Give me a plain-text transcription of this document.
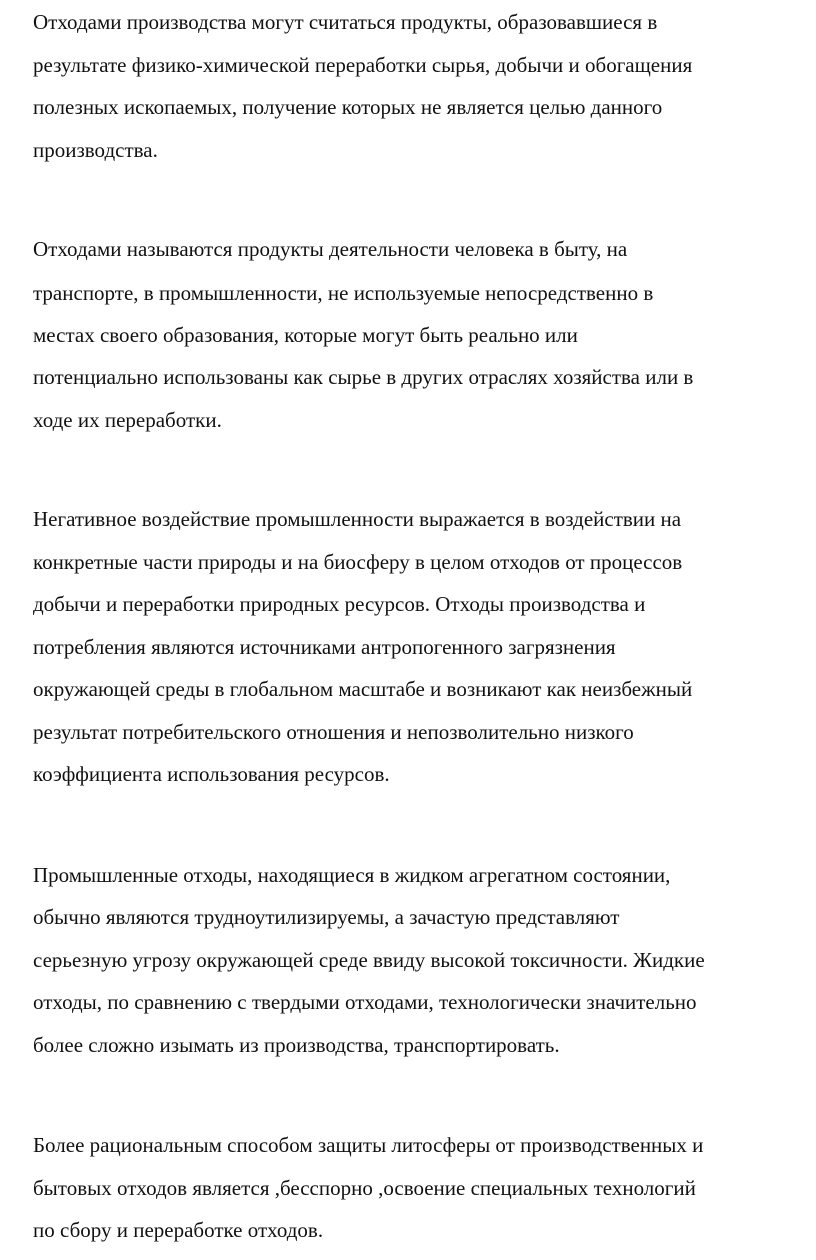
Отходами производства могут считаться продукты, образовавшиеся в
результате физико-химической переработки сырья, добычи и обогащения
полезных ископаемых, получение которых не является целью данного
производства.
Отходами называются продукты деятельности человека в быту, на
транспорте, в промышленности, не используемые непосредственно в
местах своего образования, которые могут быть реально или
потенциально использованы как сырье в других отраслях хозяйства или в
ходе их переработки.
Негативное воздействие промышленности выражается в воздействии на
конкретные части природы и на биосферу в целом отходов от процессов
добычи и переработки природных ресурсов. Отходы производства и
потребления являются источниками антропогенного загрязнения
окружающей среды в глобальном масштабе и возникают как неизбежный
результат потребительского отношения и непозволительно низкого
коэффициента использования ресурсов.
Промышленные отходы, находящиеся в жидком агрегатном состоянии,
обычно являются трудноутилизируемы, а зачастую представляют
серьезную угрозу окружающей среде ввиду высокой токсичности. Жидкие
отходы, по сравнению с твердыми отходами, технологически значительно
более сложно изымать из производства, транспортировать.
Более рациональным способом защиты литосферы от производственных и
бытовых отходов является ,бесспорно ,освоение специальных технологий
по сбору и переработке отходов.
